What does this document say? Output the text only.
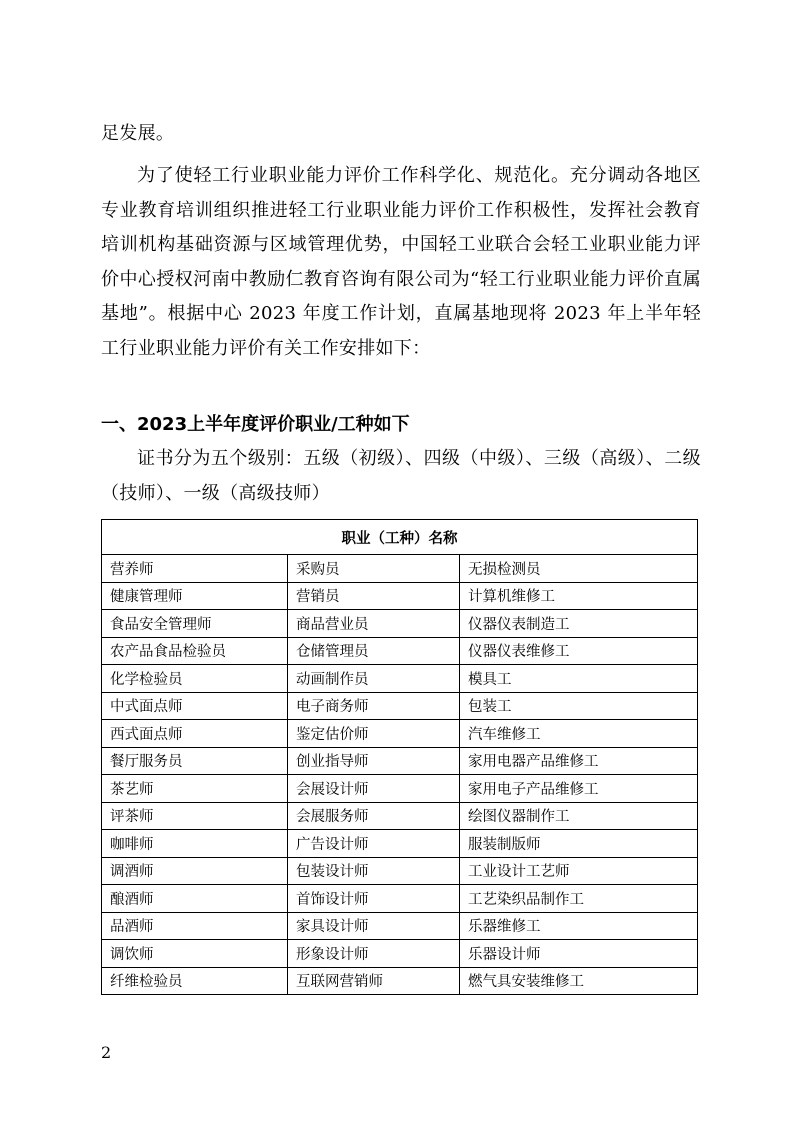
足发展。
为了使轻工行业职业能力评价工作科学化、规范化。充分调动各地区专业教育培训组织推进轻工行业职业能力评价工作积极性，发挥社会教育培训机构基础资源与区域管理优势，中国轻工业联合会轻工业职业能力评价中心授权河南中教励仁教育咨询有限公司为“轻工行业职业能力评价直属基地”。根据中心 2023 年度工作计划，直属基地现将 2023 年上半年轻工行业职业能力评价有关工作安排如下：
一、2023上半年度评价职业/工种如下
证书分为五个级别：五级（初级）、四级（中级）、三级（高级）、二级（技师）、一级（高级技师）
职业（工种）名称		
营养师	采购员	无损检测员
健康管理师	营销员	计算机维修工
食品安全管理师	商品营业员	仪器仪表制造工
农产品食品检验员	仓储管理员	仪器仪表维修工
化学检验员	动画制作员	模具工
中式面点师	电子商务师	包装工
西式面点师	鉴定估价师	汽车维修工
餐厅服务员	创业指导师	家用电器产品维修工
茶艺师	会展设计师	家用电子产品维修工
评茶师	会展服务师	绘图仪器制作工
咖啡师	广告设计师	服装制版师
调酒师	包装设计师	工业设计工艺师
酿酒师	首饰设计师	工艺染织品制作工
品酒师	家具设计师	乐器维修工
调饮师	形象设计师	乐器设计师
纤维检验员	互联网营销师	燃气具安装维修工
2
